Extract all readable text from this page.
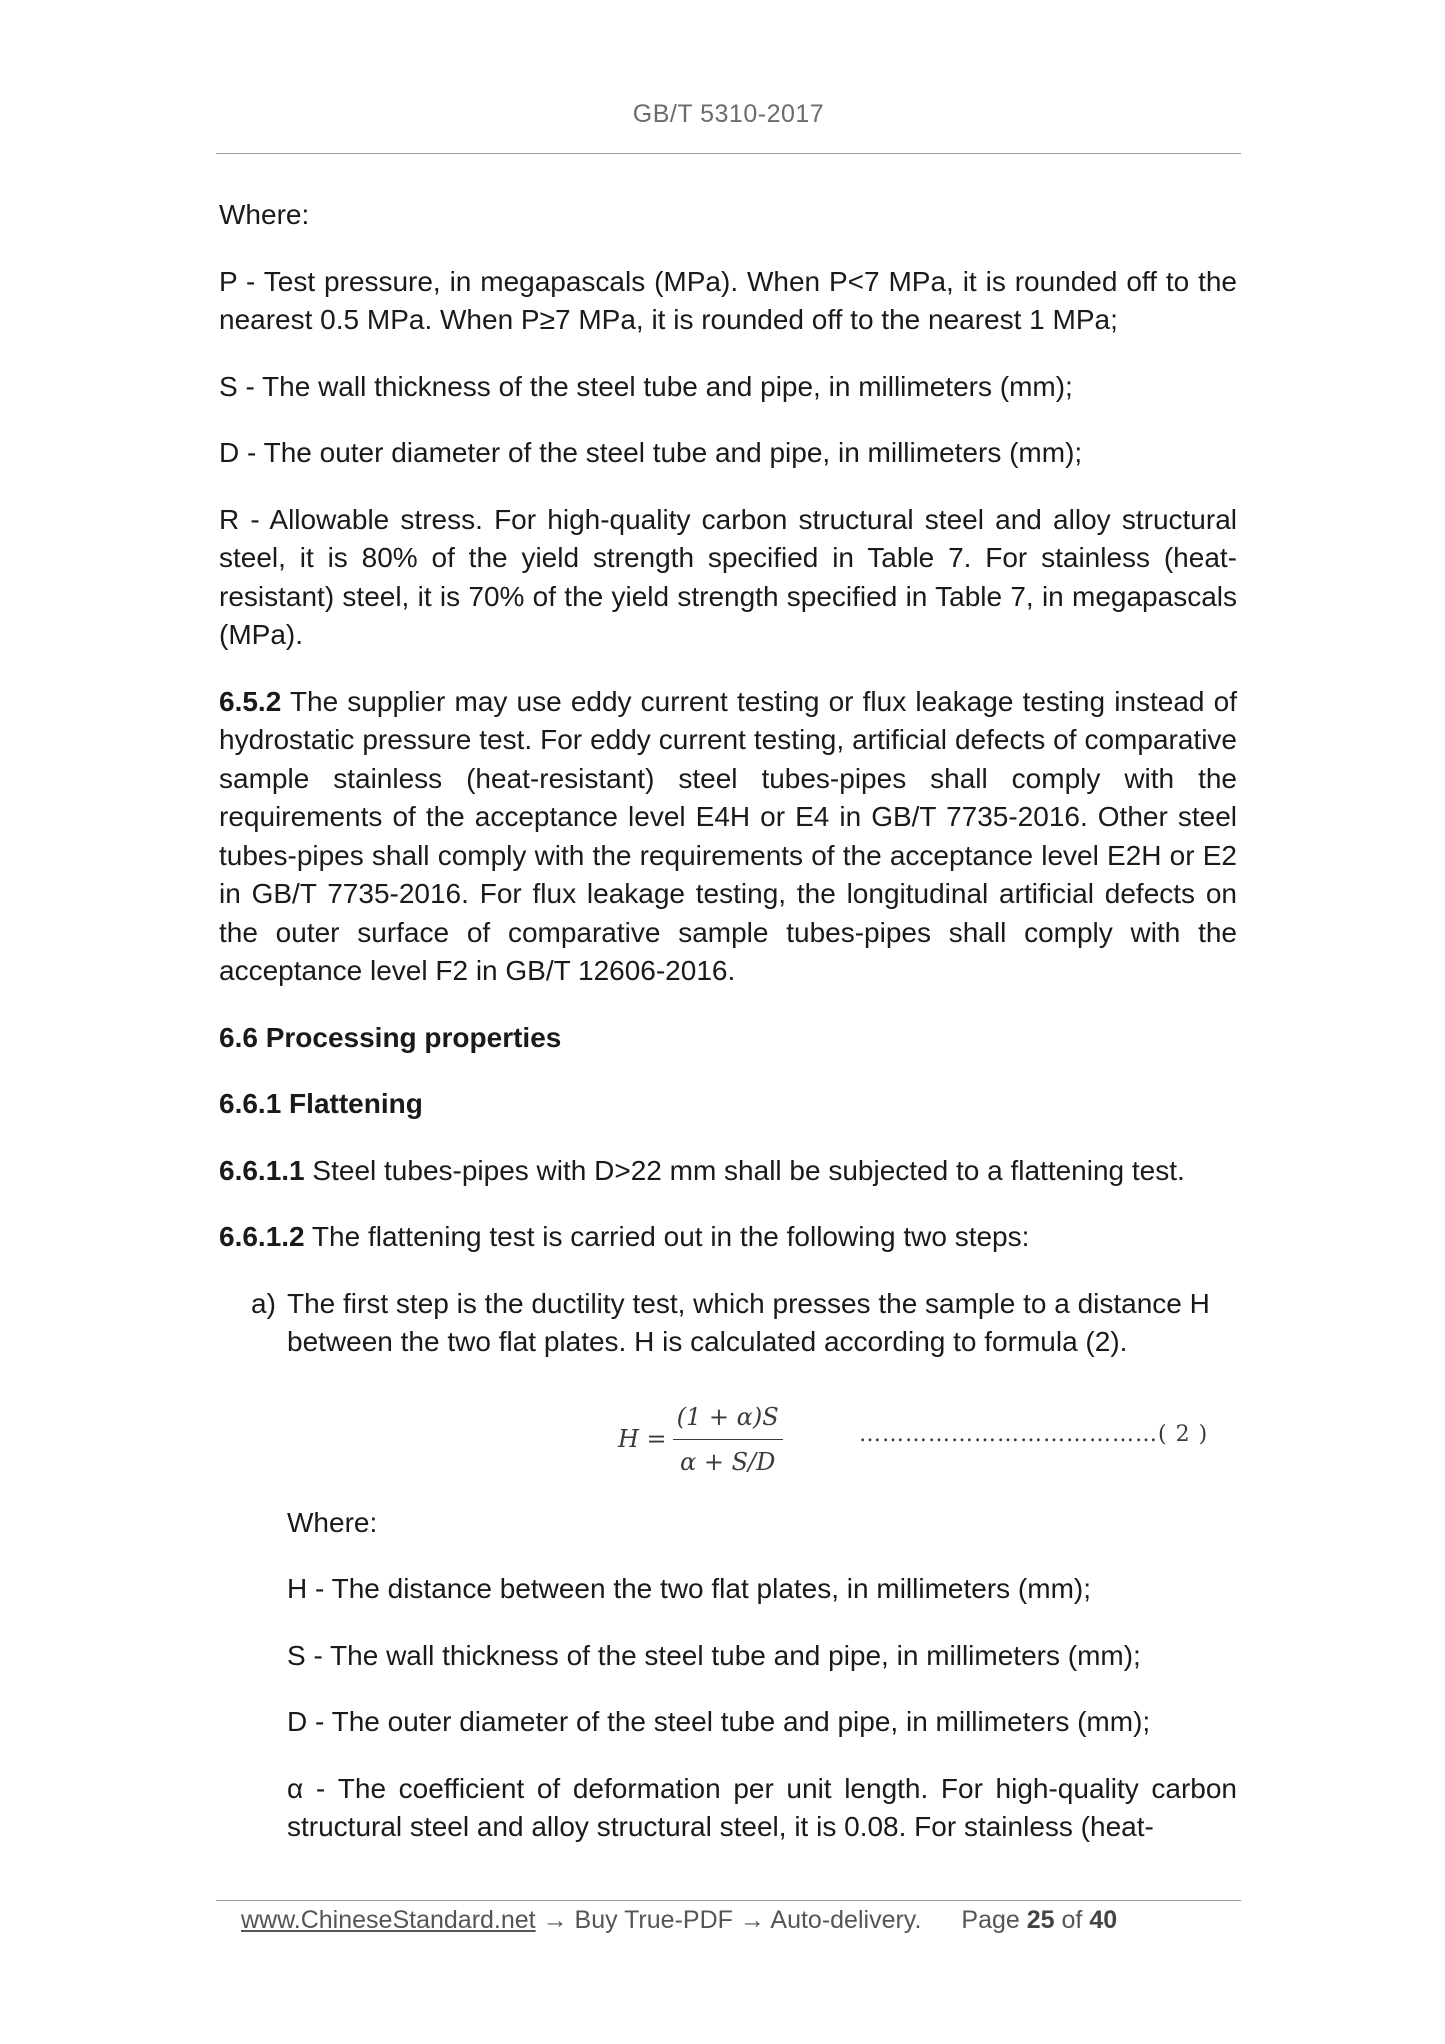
GB/T 5310-2017

Where:

P - Test pressure, in megapascals (MPa). When P<7 MPa, it is rounded off to the nearest 0.5 MPa. When P≥7 MPa, it is rounded off to the nearest 1 MPa;

S - The wall thickness of the steel tube and pipe, in millimeters (mm);

D - The outer diameter of the steel tube and pipe, in millimeters (mm);

R - Allowable stress. For high-quality carbon structural steel and alloy structural steel, it is 80% of the yield strength specified in Table 7. For stainless (heat-resistant) steel, it is 70% of the yield strength specified in Table 7, in megapascals (MPa).

6.5.2 The supplier may use eddy current testing or flux leakage testing instead of hydrostatic pressure test. For eddy current testing, artificial defects of comparative sample stainless (heat-resistant) steel tubes-pipes shall comply with the requirements of the acceptance level E4H or E4 in GB/T 7735-2016. Other steel tubes-pipes shall comply with the requirements of the acceptance level E2H or E2 in GB/T 7735-2016. For flux leakage testing, the longitudinal artificial defects on the outer surface of comparative sample tubes-pipes shall comply with the acceptance level F2 in GB/T 12606-2016.

6.6 Processing properties

6.6.1 Flattening

6.6.1.1 Steel tubes-pipes with D>22 mm shall be subjected to a flattening test.

6.6.1.2 The flattening test is carried out in the following two steps:

a) The first step is the ductility test, which presses the sample to a distance H between the two flat plates. H is calculated according to formula (2).
$H = \frac{(1 + \alpha)S}{\alpha + S/D}$	…………………………………( 2 )

Where:

H - The distance between the two flat plates, in millimeters (mm);

S - The wall thickness of the steel tube and pipe, in millimeters (mm);

D - The outer diameter of the steel tube and pipe, in millimeters (mm);

α - The coefficient of deformation per unit length. For high-quality carbon structural steel and alloy structural steel, it is 0.08. For stainless (heat-

www.ChineseStandard.net → Buy True-PDF → Auto-delivery. Page 25 of 40
